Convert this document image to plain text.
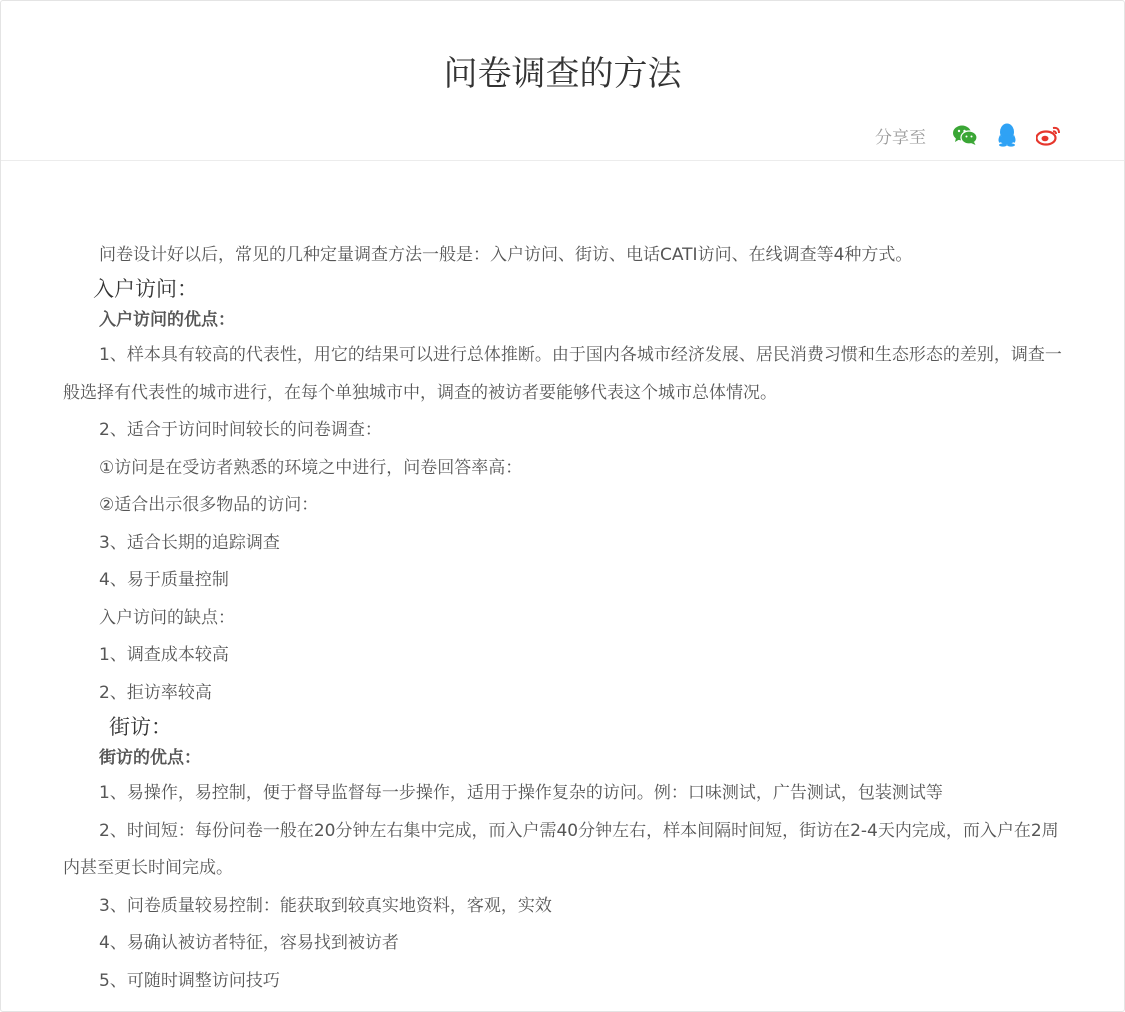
问卷调查的方法
分享至

问卷设计好以后，常见的几种定量调查方法一般是：入户访问、街访、电话CATI访问、在线调查等4种方式。

入户访问：

入户访问的优点：

1、样本具有较高的代表性，用它的结果可以进行总体推断。由于国内各城市经济发展、居民消费习惯和生态形态的差别，调查一般选择有代表性的城市进行，在每个单独城市中，调查的被访者要能够代表这个城市总体情况。

2、适合于访问时间较长的问卷调查：

①访问是在受访者熟悉的环境之中进行，问卷回答率高：

②适合出示很多物品的访问：

3、适合长期的追踪调查

4、易于质量控制

入户访问的缺点：

1、调查成本较高

2、拒访率较高

街访：

街访的优点：

1、易操作，易控制，便于督导监督每一步操作，适用于操作复杂的访问。例：口味测试，广告测试，包装测试等

2、时间短：每份问卷一般在20分钟左右集中完成，而入户需40分钟左右，样本间隔时间短，街访在2-4天内完成，而入户在2周内甚至更长时间完成。

3、问卷质量较易控制：能获取到较真实地资料，客观，实效

4、易确认被访者特征，容易找到被访者

5、可随时调整访问技巧
